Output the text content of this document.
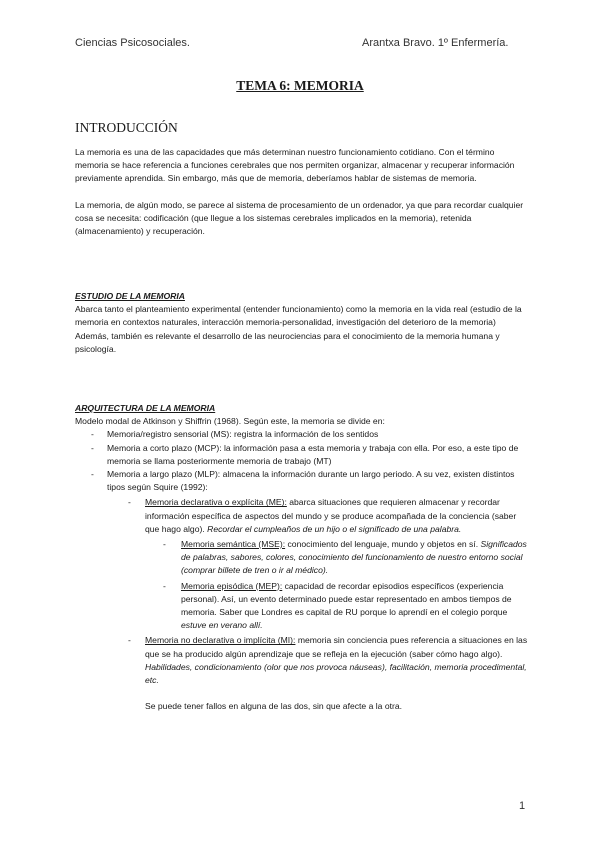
Ciencias Psicosociales.	Arantxa Bravo. 1º Enfermería.
TEMA 6: MEMORIA
INTRODUCCIÓN

La memoria es una de las capacidades que más determinan nuestro funcionamiento cotidiano. Con el término memoria se hace referencia a funciones cerebrales que nos permiten organizar, almacenar y recuperar información previamente aprendida. Sin embargo, más que de memoria, deberíamos hablar de sistemas de memoria.

La memoria, de algún modo, se parece al sistema de procesamiento de un ordenador, ya que para recordar cualquier cosa se necesita: codificación (que llegue a los sistemas cerebrales implicados en la memoria), retenida (almacenamiento) y recuperación.

ESTUDIO DE LA MEMORIA

Abarca tanto el planteamiento experimental (entender funcionamiento) como la memoria en la vida real (estudio de la memoria en contextos naturales, interacción memoria-personalidad, investigación del deterioro de la memoria)

Además, también es relevante el desarrollo de las neurociencias para el conocimiento de la memoria humana y psicología.

ARQUITECTURA DE LA MEMORIA

Modelo modal de Atkinson y Shiffrin (1968). Según este, la memoria se divide en:

- Memoria/registro sensorial (MS): registra la información de los sentidos
- Memoria a corto plazo (MCP): la información pasa a esta memoria y trabaja con ella. Por eso, a este tipo de memoria se llama posteriormente memoria de trabajo (MT)
- Memoria a largo plazo (MLP): almacena la información durante un largo periodo. A su vez, existen distintos tipos según Squire (1992):
- Memoria declarativa o explícita (ME): abarca situaciones que requieren almacenar y recordar información específica de aspectos del mundo y se produce acompañada de la conciencia (saber que hago algo). Recordar el cumpleaños de un hijo o el significado de una palabra.
- Memoria semántica (MSE): conocimiento del lenguaje, mundo y objetos en sí. Significados de palabras, sabores, colores, conocimiento del funcionamiento de nuestro entorno social (comprar billete de tren o ir al médico).
- Memoria episódica (MEP): capacidad de recordar episodios específicos (experiencia personal). Así, un evento determinado puede estar representado en ambos tiempos de memoria. Saber que Londres es capital de RU porque lo aprendí en el colegio porque estuve en verano allí.
- Memoria no declarativa o implícita (MI): memoria sin conciencia pues referencia a situaciones en las que se ha producido algún aprendizaje que se refleja en la ejecución (saber cómo hago algo). Habilidades, condicionamiento (olor que nos provoca náuseas), facilitación, memoria procedimental, etc.

Se puede tener fallos en alguna de las dos, sin que afecte a la otra.

1
